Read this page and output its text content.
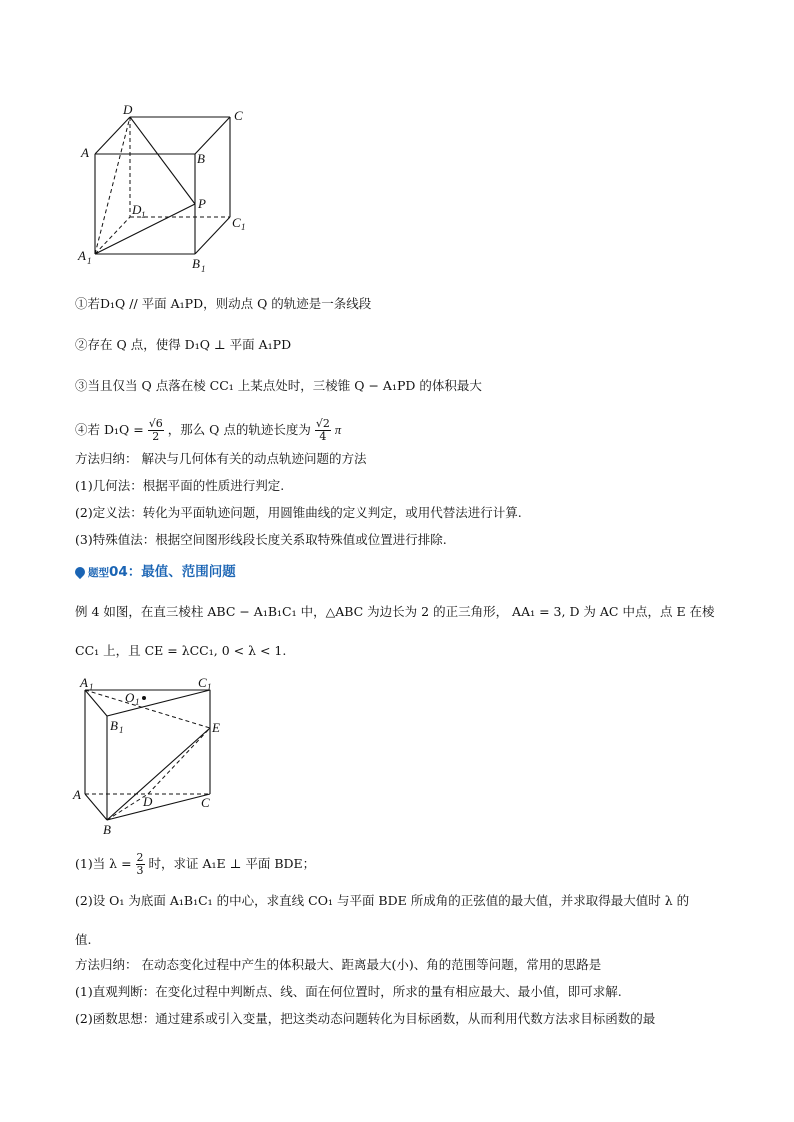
D	C
A	B
P
D 1	C 1
A 1	B 1
①若D₁Q // 平面 A₁PD，则动点 Q 的轨迹是一条线段
②存在 Q 点，使得 D₁Q ⊥ 平面 A₁PD
③当且仅当 Q 点落在棱 CC₁ 上某点处时，三棱锥 Q − A₁PD 的体积最大
④若 $D_1Q = \frac{√6}{2}$ ，那么 Q 点的轨迹长度为 $\frac{√2}{4}$ π
方法归纳： 解决与几何体有关的动点轨迹问题的方法
(1)几何法：根据平面的性质进行判定.
(2)定义法：转化为平面轨迹问题，用圆锥曲线的定义判定，或用代替法进行计算.
(3)特殊值法：根据空间图形线段长度关系取特殊值或位置进行排除.
题型04：最值、范围问题
例 4 如图，在直三棱柱 ABC − A₁B₁C₁ 中，△ABC 为边长为 2 的正三角形， AA₁ = 3, D 为 AC 中点，点 E 在棱
CC₁ 上，且 CE = λCC₁, 0 < λ < 1.
A 1	C 1
O 1
B 1	E
A	D	C
B
(1)当 $\lambda = \frac{2}{3}$ 时，求证 A₁E ⊥ 平面 BDE；
(2)设 O₁ 为底面 A₁B₁C₁ 的中心，求直线 CO₁ 与平面 BDE 所成角的正弦值的最大值，并求取得最大值时 λ 的
值.
方法归纳： 在动态变化过程中产生的体积最大、距离最大(小)、角的范围等问题，常用的思路是
(1)直观判断：在变化过程中判断点、线、面在何位置时，所求的量有相应最大、最小值，即可求解.
(2)函数思想：通过建系或引入变量，把这类动态问题转化为目标函数，从而利用代数方法求目标函数的最
